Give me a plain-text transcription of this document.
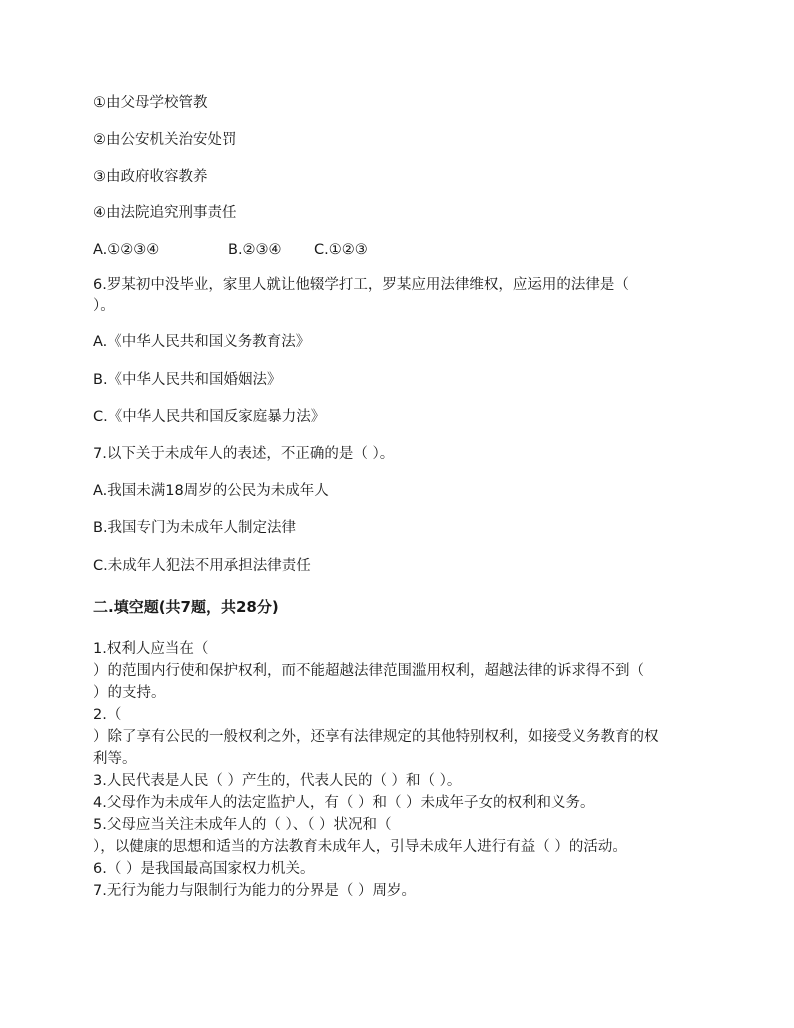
①由父母学校管教
②由公安机关治安处罚
③由政府收容教养
④由法院追究刑事责任
A.①②③④	B.②③④ C.①②③
6.罗某初中没毕业，家里人就让他辍学打工，罗某应用法律维权，应运用的法律是（
）。
A.《中华人民共和国义务教育法》
B.《中华人民共和国婚姻法》
C.《中华人民共和国反家庭暴力法》
7.以下关于未成年人的表述，不正确的是（ ）。
A.我国未满18周岁的公民为未成年人
B.我国专门为未成年人制定法律
C.未成年人犯法不用承担法律责任
二.填空题(共7题，共28分)
1.权利人应当在（
）的范围内行使和保护权利，而不能超越法律范围滥用权利，超越法律的诉求得不到（
）的支持。
2.（
）除了享有公民的一般权利之外，还享有法律规定的其他特别权利，如接受义务教育的权
利等。
3.人民代表是人民（ ）产生的，代表人民的（ ）和（ ）。
4.父母作为未成年人的法定监护人，有（ ）和（ ）未成年子女的权利和义务。
5.父母应当关注未成年人的（ ）、（ ）状况和（
），以健康的思想和适当的方法教育未成年人，引导未成年人进行有益（ ）的活动。
6.（ ）是我国最高国家权力机关。
7.无行为能力与限制行为能力的分界是（ ）周岁。
